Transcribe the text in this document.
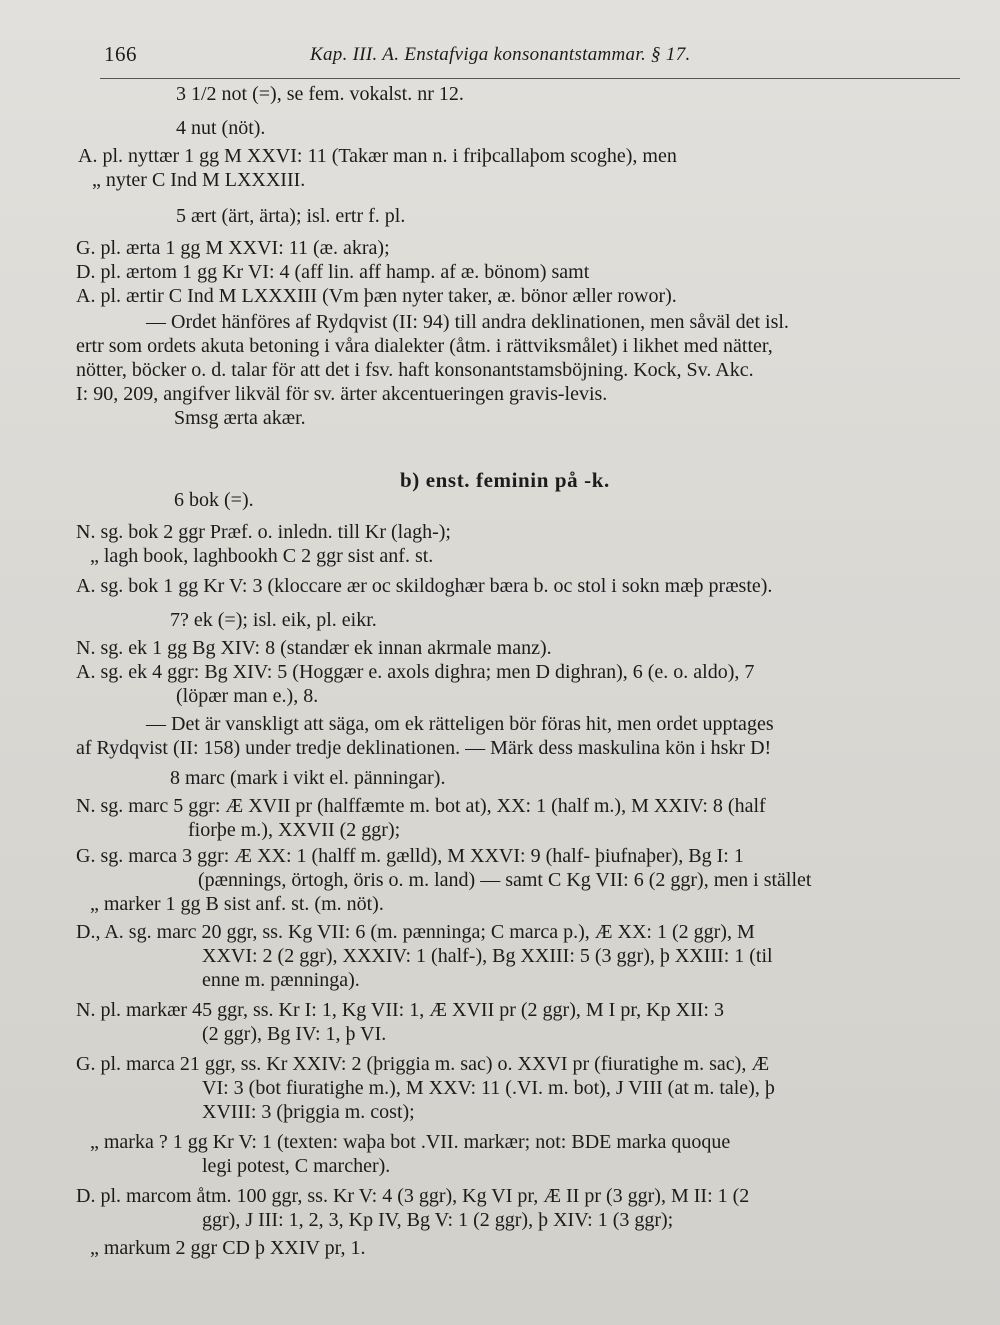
166	Kap. III. A. Enstafviga konsonantstammar. § 17.
3 1/2 not (=), se fem. vokalst. nr 12.
4 nut (nöt).
A. pl. nyttær 1 gg M XXVI: 11 (Takær man n. i friþcallaþom scoghe), men
„ nyter C Ind M LXXXIII.
5 ært (ärt, ärta); isl. ertr f. pl.
G. pl. ærta 1 gg M XXVI: 11 (æ. akra);
D. pl. ærtom 1 gg Kr VI: 4 (aff lin. aff hamp. af æ. bönom) samt
A. pl. ærtir C Ind M LXXXIII (Vm þæn nyter taker, æ. bönor æller rowor).
— Ordet hänföres af Rydqvist (II: 94) till andra deklinationen, men såväl det isl.
ertr som ordets akuta betoning i våra dialekter (åtm. i rättviksmålet) i likhet med nätter,
nötter, böcker o. d. talar för att det i fsv. haft konsonantstamsböjning. Kock, Sv. Akc.
I: 90, 209, angifver likväl för sv. ärter akcentueringen gravis-levis.
Smsg ærta akær.
b) enst. feminin på -k.
6 bok (=).
N. sg. bok 2 ggr Præf. o. inledn. till Kr (lagh-);
„ lagh book, laghbookh C 2 ggr sist anf. st.
A. sg. bok 1 gg Kr V: 3 (kloccare ær oc skildoghær bæra b. oc stol i sokn mæþ præste).
7? ek (=); isl. eik, pl. eikr.
N. sg. ek 1 gg Bg XIV: 8 (standær ek innan akrmale manz).
A. sg. ek 4 ggr: Bg XIV: 5 (Hoggær e. axols dighra; men D dighran), 6 (e. o. aldo), 7
(löpær man e.), 8.
— Det är vanskligt att säga, om ek rätteligen bör föras hit, men ordet upptages
af Rydqvist (II: 158) under tredje deklinationen. — Märk dess maskulina kön i hskr D!
8 marc (mark i vikt el. pänningar).
N. sg. marc 5 ggr: Æ XVII pr (halffæmte m. bot at), XX: 1 (half m.), M XXIV: 8 (half
fiorþe m.), XXVII (2 ggr);
G. sg. marca 3 ggr: Æ XX: 1 (halff m. gælld), M XXVI: 9 (half- þiufnaþer), Bg I: 1
(pænnings, örtogh, öris o. m. land) — samt C Kg VII: 6 (2 ggr), men i stället
„ marker 1 gg B sist anf. st. (m. nöt).
D., A. sg. marc 20 ggr, ss. Kg VII: 6 (m. pænninga; C marca p.), Æ XX: 1 (2 ggr), M
XXVI: 2 (2 ggr), XXXIV: 1 (half-), Bg XXIII: 5 (3 ggr), þ XXIII: 1 (til
enne m. pænninga).
N. pl. markær 45 ggr, ss. Kr I: 1, Kg VII: 1, Æ XVII pr (2 ggr), M I pr, Kp XII: 3
(2 ggr), Bg IV: 1, þ VI.
G. pl. marca 21 ggr, ss. Kr XXIV: 2 (þriggia m. sac) o. XXVI pr (fiuratighe m. sac), Æ
VI: 3 (bot fiuratighe m.), M XXV: 11 (.VI. m. bot), J VIII (at m. tale), þ
XVIII: 3 (þriggia m. cost);
„ marka ? 1 gg Kr V: 1 (texten: waþa bot .VII. markær; not: BDE marka quoque
legi potest, C marcher).
D. pl. marcom åtm. 100 ggr, ss. Kr V: 4 (3 ggr), Kg VI pr, Æ II pr (3 ggr), M II: 1 (2
ggr), J III: 1, 2, 3, Kp IV, Bg V: 1 (2 ggr), þ XIV: 1 (3 ggr);
„ markum 2 ggr CD þ XXIV pr, 1.
